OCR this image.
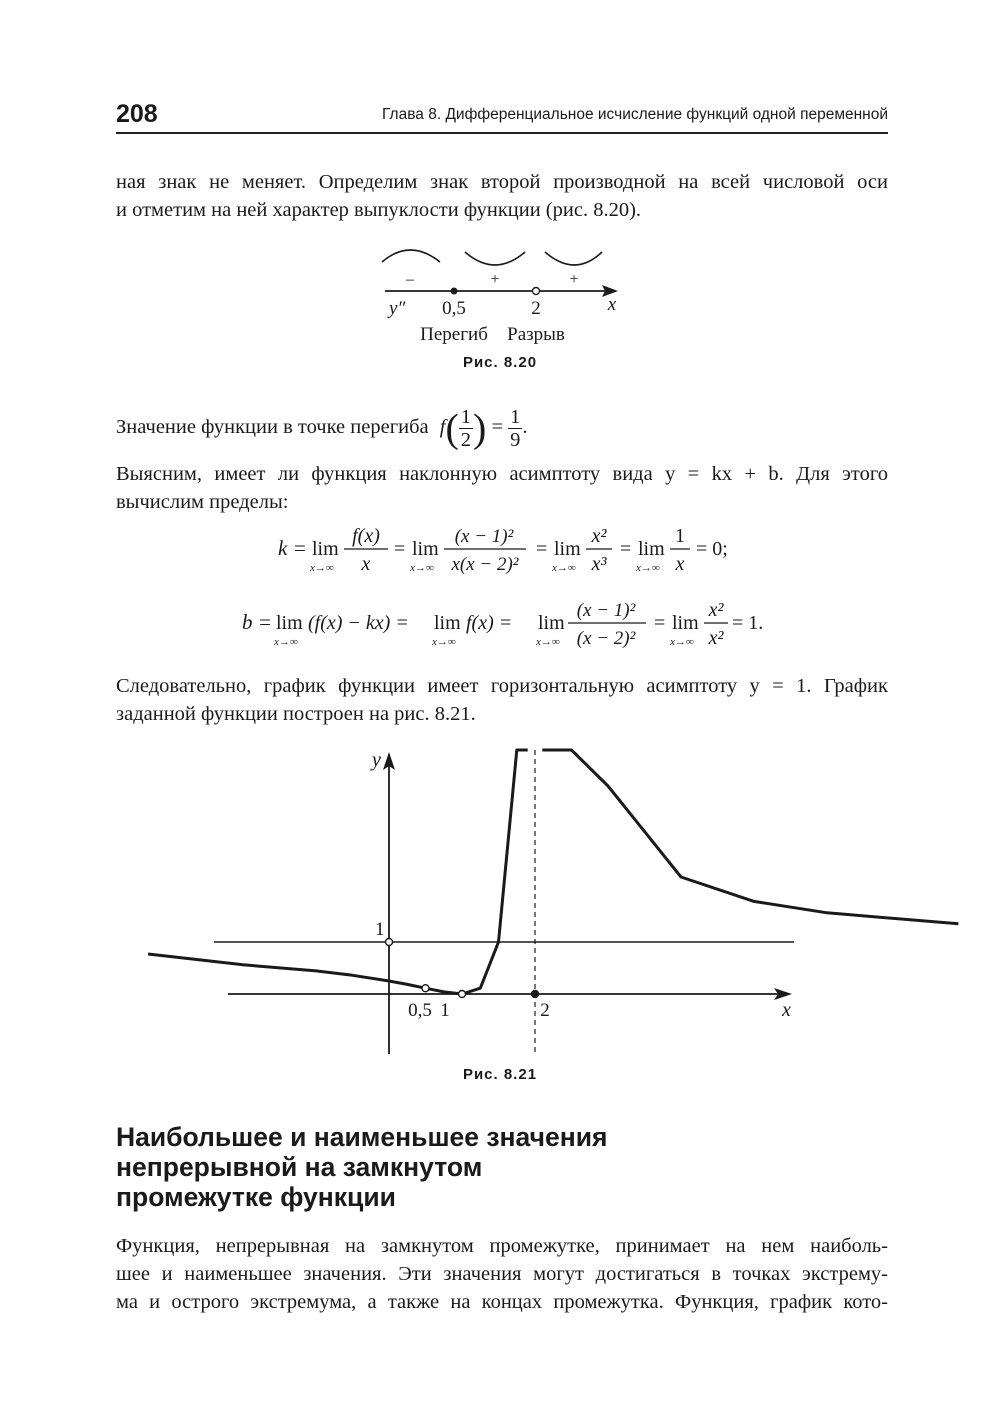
208	Глава 8. Дифференциальное исчисление функций одной переменной
ная знак не меняет. Определим знак второй производной на всей числовой оси
и отметим на ней характер выпуклости функции (рис. 8.20).
–	+	+
y″ 0,5	2	x
Перегиб Разрыв
Рис. 8.20
Значение функции в точке перегиба $f( \frac{1}{2}$ ) = $\frac{1}{9}$ .
Выясним, имеет ли функция наклонную асимптоту вида y = kx + b. Для этого
вычислим пределы:
k = lim
x→∞
f(x)
x
= lim
x→∞
(x − 1)²
x(x − 2)²
= lim
x→∞
x²
x³
= lim
x→∞
1
x
= 0;
b = lim
x→∞
(f(x) − kx) = lim
x→∞
f(x) = lim
x→∞
(x − 1)²
(x − 2)²
= lim
x→∞
x²
x²
= 1.
Следовательно, график функции имеет горизонтальную асимптоту y = 1. График
заданной функции построен на рис. 8.21.
y
x
1
0,5 1	2
Рис. 8.21
Наибольшее и наименьшее значения
непрерывной на замкнутом
промежутке функции
Функция, непрерывная на замкнутом промежутке, принимает на нем наиболь-
шее и наименьшее значения. Эти значения могут достигаться в точках экстрему-
ма и острого экстремума, а также на концах промежутка. Функция, график кото-
